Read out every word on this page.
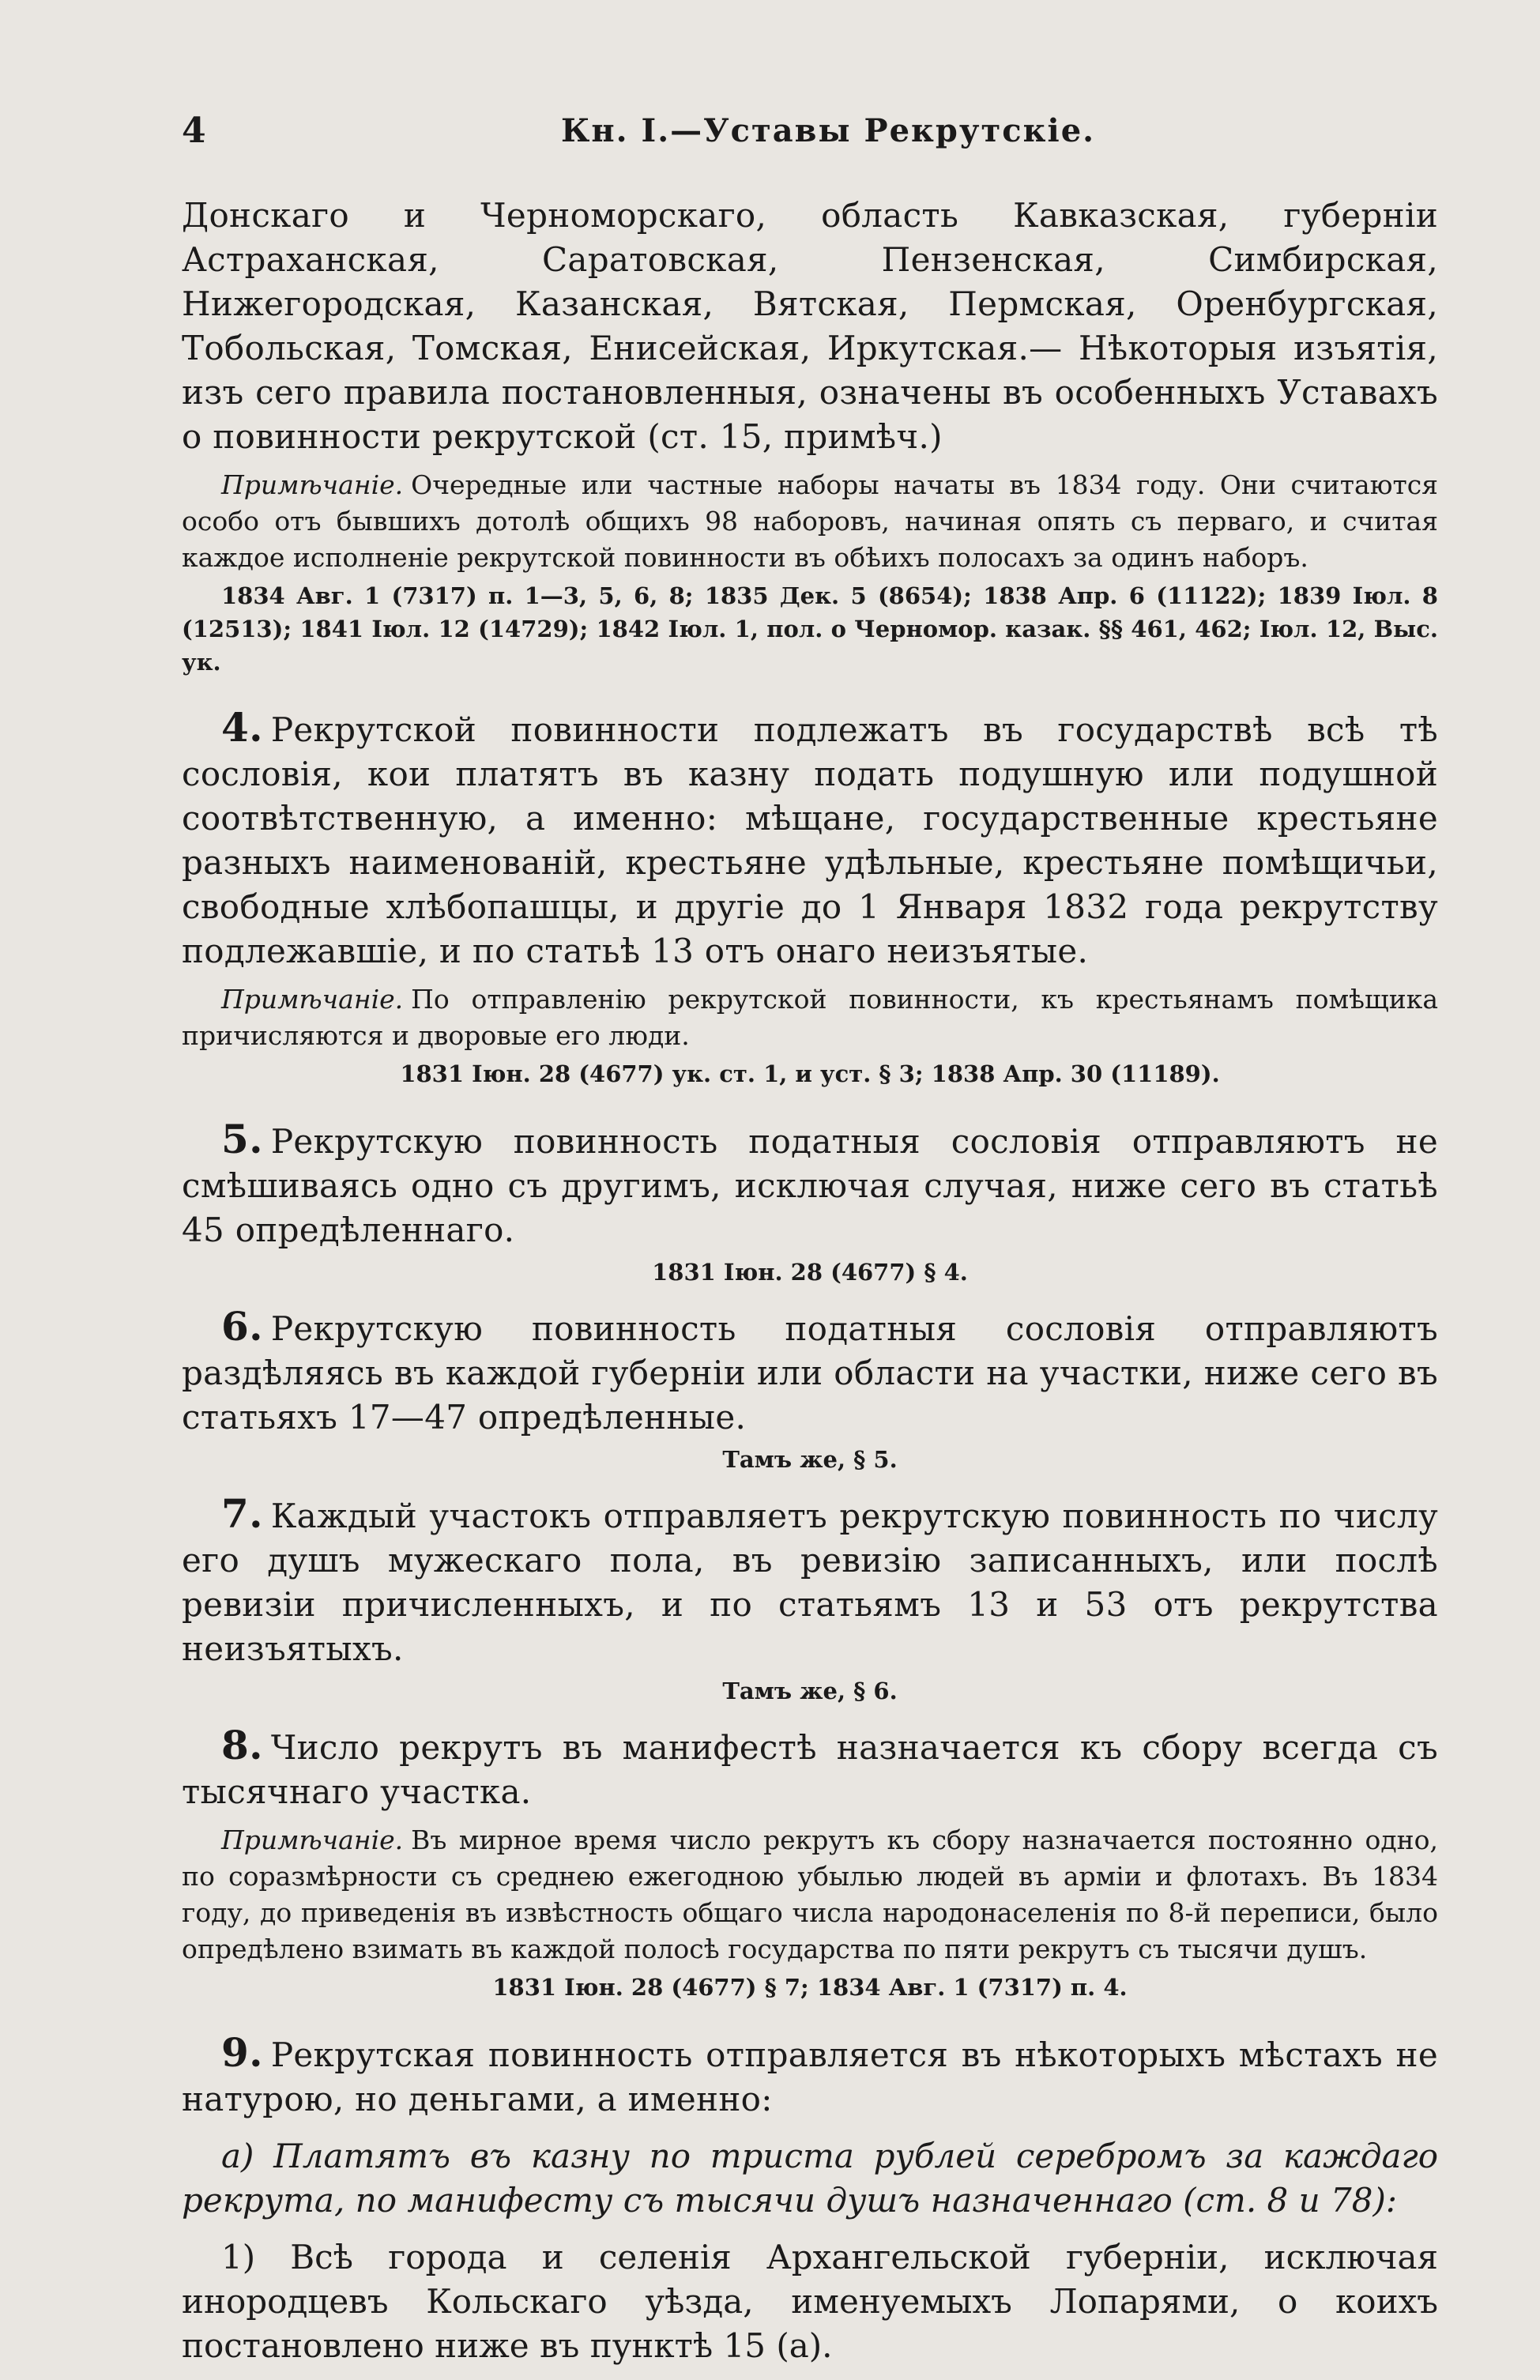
4	Кн. I.—Уставы Рекрутскіе.

Донскаго и Черноморскаго, область Кавказская, губерніи Астраханская, Саратовская, Пензенская, Симбирская, Нижегородская, Казанская, Вятская, Пермская, Оренбургская, Тобольская, Томская, Енисейская, Иркутская.— Нѣкоторыя изъятія, изъ сего правила постановленныя, означены въ особенныхъ Уставахъ о повинности рекрутской (ст. 15, примѣч.)

Примѣчаніе. Очередные или частные наборы начаты въ 1834 году. Они считаются особо отъ бывшихъ дотолѣ общихъ 98 наборовъ, начиная опять съ перваго, и считая каждое исполненіе рекрутской повинности въ обѣихъ полосахъ за одинъ наборъ.

1834 Авг. 1 (7317) п. 1—3, 5, 6, 8; 1835 Дек. 5 (8654); 1838 Апр. 6 (11122); 1839 Іюл. 8 (12513); 1841 Іюл. 12 (14729); 1842 Іюл. 1, пол. о Черномор. казак. §§ 461, 462; Іюл. 12, Выс. ук.

4. Рекрутской повинности подлежатъ въ государствѣ всѣ тѣ сословія, кои платятъ въ казну подать подушную или подушной соотвѣтственную, а именно: мѣщане, государственные крестьяне разныхъ наименованій, крестьяне удѣльные, крестьяне помѣщичьи, свободные хлѣбопашцы, и другіе до 1 Января 1832 года рекрутству подлежавшіе, и по статьѣ 13 отъ онаго неизъятые.

Примѣчаніе. По отправленію рекрутской повинности, къ крестьянамъ помѣщика причисляются и дворовые его люди.

1831 Іюн. 28 (4677) ук. ст. 1, и уст. § 3; 1838 Апр. 30 (11189).

5. Рекрутскую повинность податныя сословія отправляютъ не смѣшиваясь одно съ другимъ, исключая случая, ниже сего въ статьѣ 45 опредѣленнаго.

1831 Іюн. 28 (4677) § 4.

6. Рекрутскую повинность податныя сословія отправляютъ раздѣляясь въ каждой губерніи или области на участки, ниже сего въ статьяхъ 17—47 опредѣленные.

Тамъ же, § 5.

7. Каждый участокъ отправляетъ рекрутскую повинность по числу его душъ мужескаго пола, въ ревизію записанныхъ, или послѣ ревизіи причисленныхъ, и по статьямъ 13 и 53 отъ рекрутства неизъятыхъ.

Тамъ же, § 6.

8. Число рекрутъ въ манифестѣ назначается къ сбору всегда съ тысячнаго участка.

Примѣчаніе. Въ мирное время число рекрутъ къ сбору назначается постоянно одно, по соразмѣрности съ среднею ежегодною убылью людей въ арміи и флотахъ. Въ 1834 году, до приведенія въ извѣстность общаго числа народонаселенія по 8-й переписи, было опредѣлено взимать въ каждой полосѣ государства по пяти рекрутъ съ тысячи душъ.

1831 Іюн. 28 (4677) § 7; 1834 Авг. 1 (7317) п. 4.

9. Рекрутская повинность отправляется въ нѣкоторыхъ мѣстахъ не натурою, но деньгами, а именно:

а) Платятъ въ казну по триста рублей серебромъ за каждаго рекрута, по манифесту съ тысячи душъ назначеннаго (ст. 8 и 78):

1) Всѣ города и селенія Архангельской губерніи, исключая инородцевъ Кольскаго уѣзда, именуемыхъ Лопарями, о коихъ постановлено ниже въ пунктѣ 15 (а).
